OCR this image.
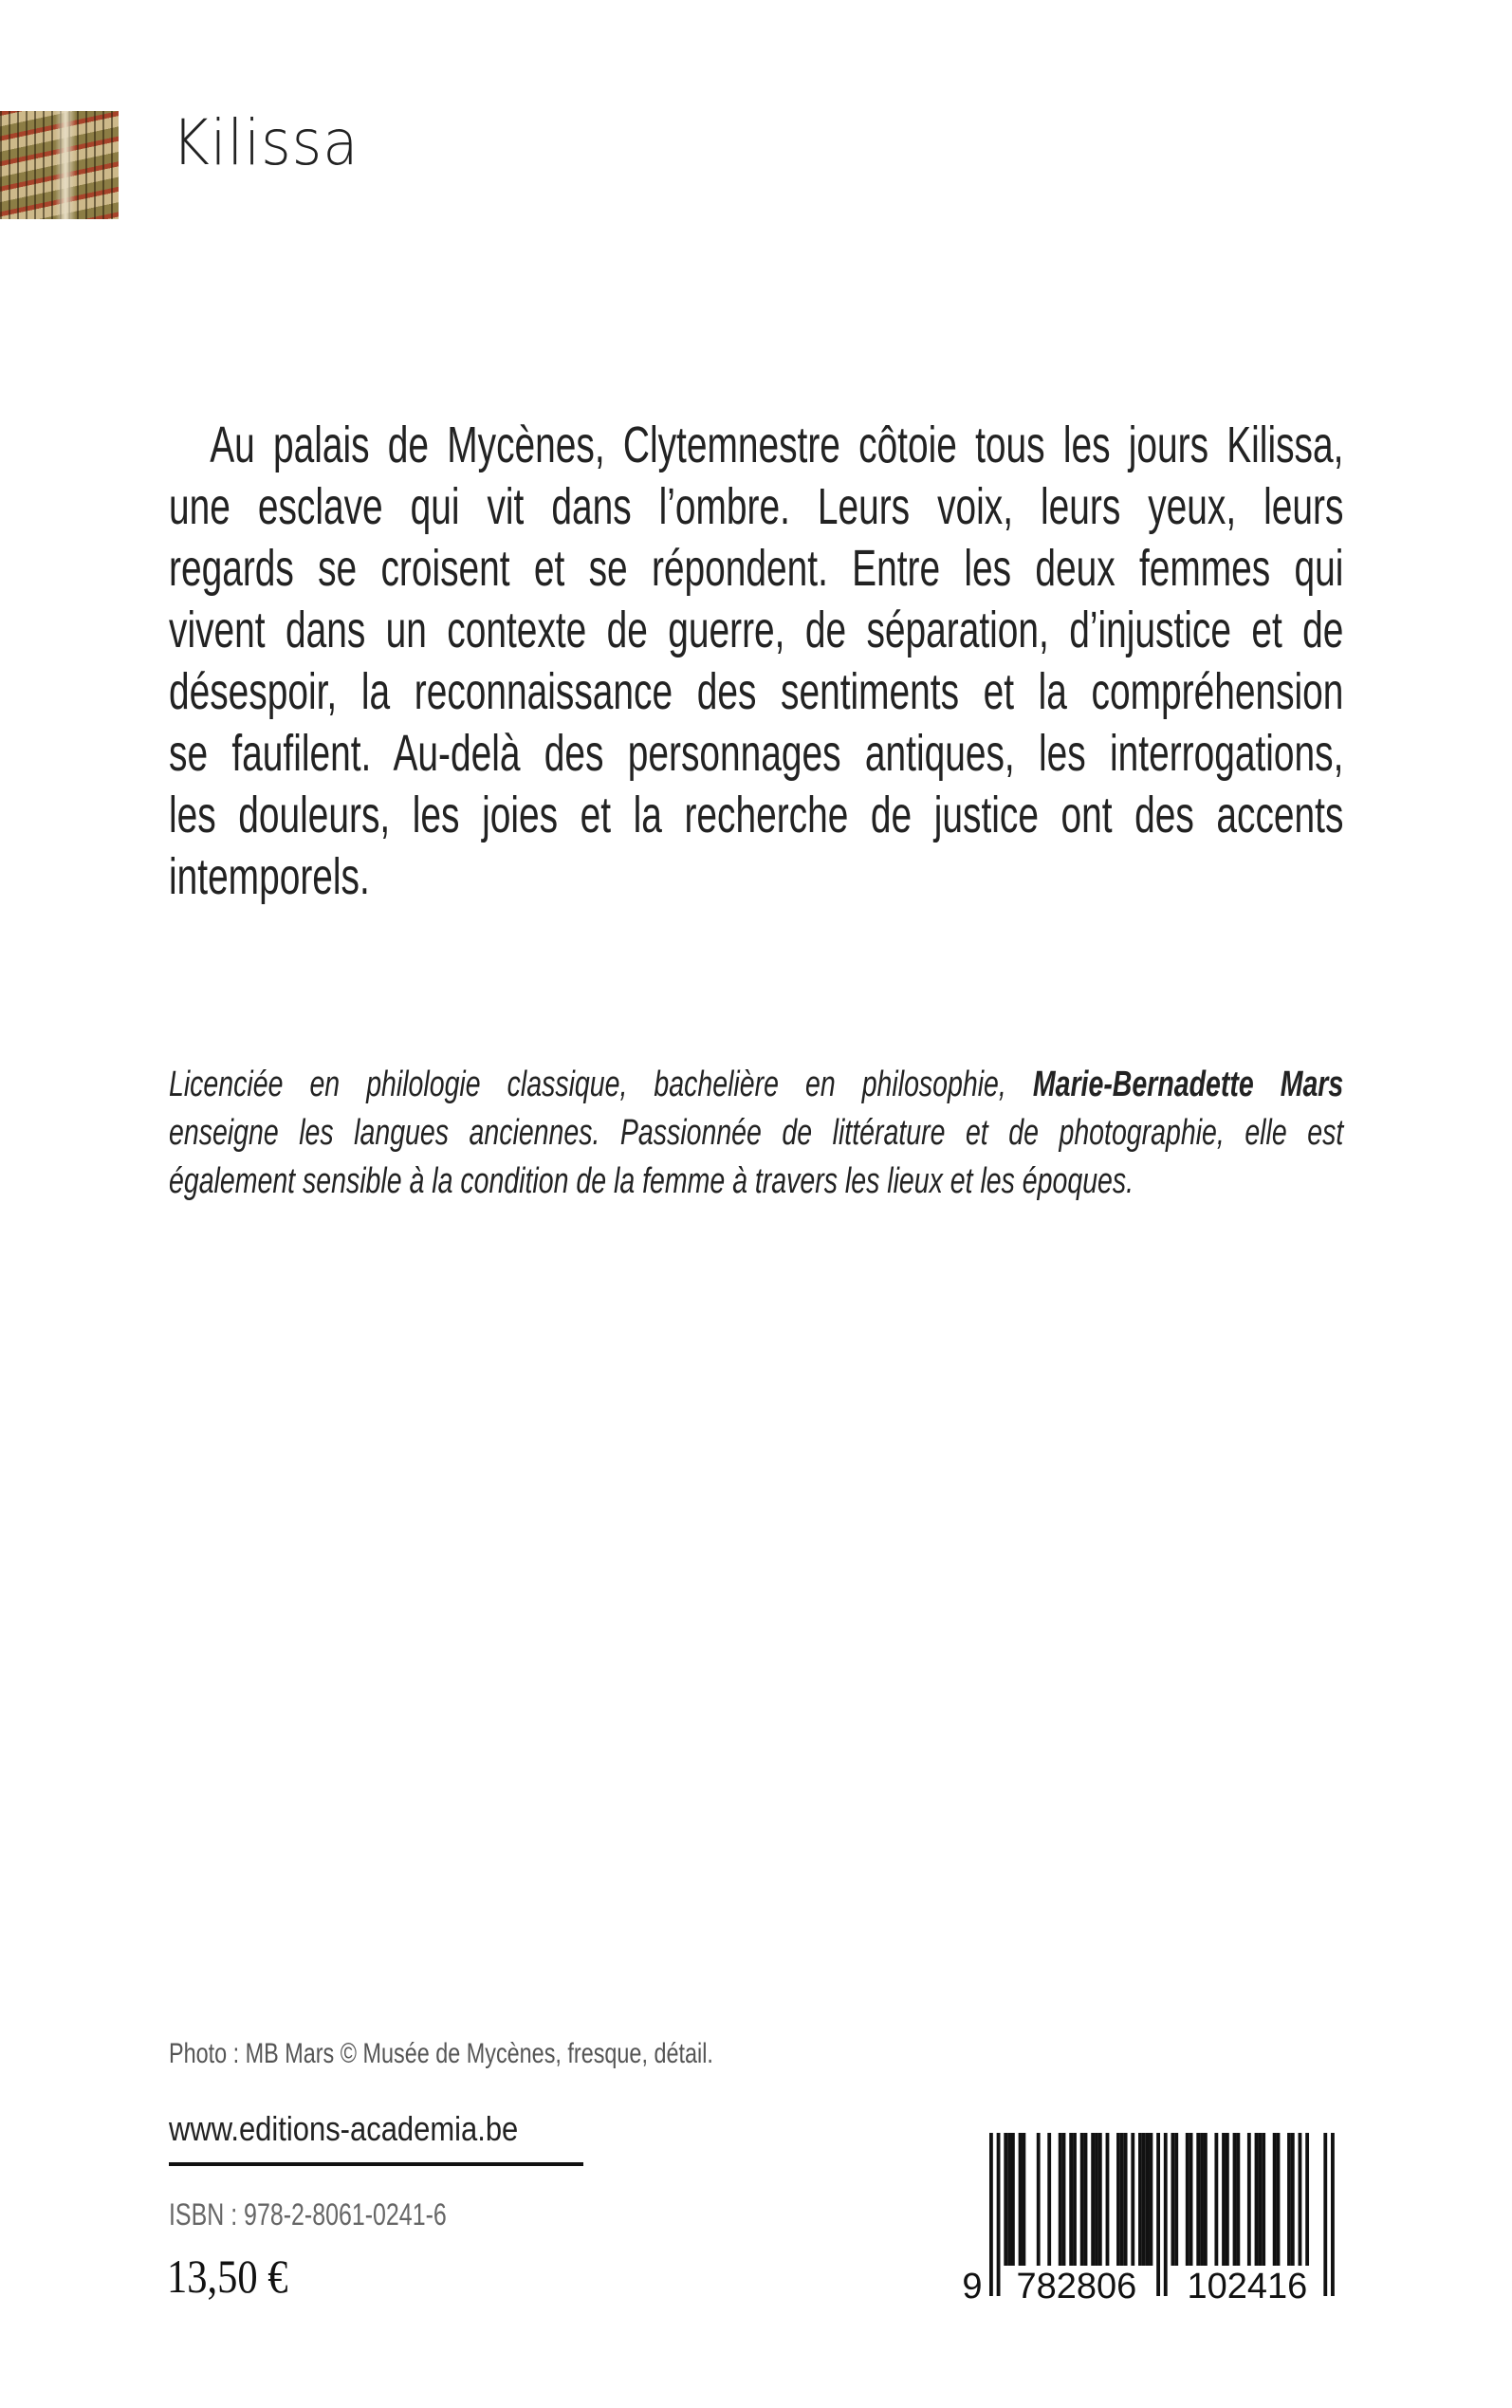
Kilissa
Au palais de Mycènes, Clytemnestre côtoie tous les jours Kilissa,
une esclave qui vit dans l’ombre. Leurs voix, leurs yeux, leurs
regards se croisent et se répondent. Entre les deux femmes qui
vivent dans un contexte de guerre, de séparation, d’injustice et de
désespoir, la reconnaissance des sentiments et la compréhension
se faufilent. Au-delà des personnages antiques, les interrogations,
les douleurs, les joies et la recherche de justice ont des accents
intemporels.
Licenciée en philologie classique, bachelière en philosophie, Marie-Bernadette Mars
enseigne les langues anciennes. Passionnée de littérature et de photographie, elle est
également sensible à la condition de la femme à travers les lieux et les époques.
Photo : MB Mars © Musée de Mycènes, fresque, détail.
www.editions-academia.be
ISBN : 978-2-8061-0241-6
13,50 €	9 782806 102416
